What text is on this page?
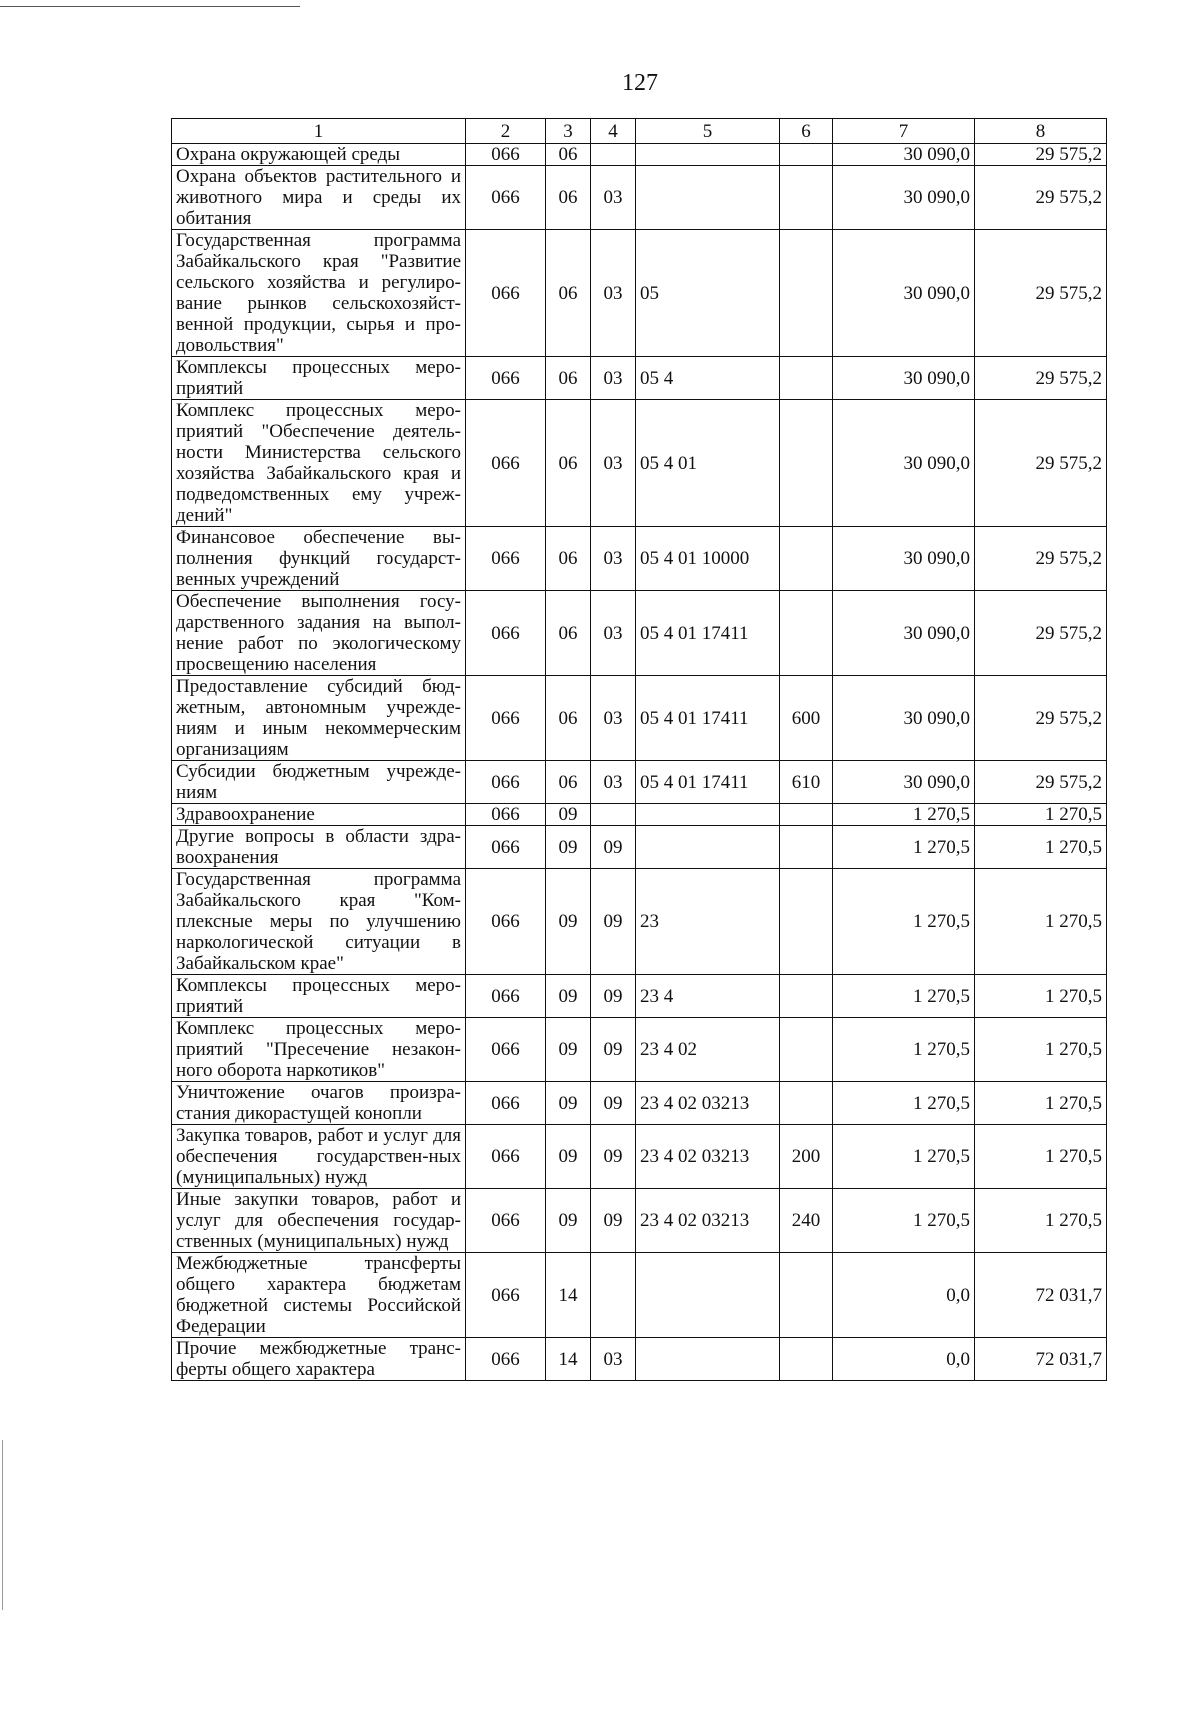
127
1	2	3	4	5	6	7	8
Охрана окружающей среды	066	06				30 090,0	29 575,2
Охрана объектов растительного и животного мира и среды их обитания	066	06	03			30 090,0	29 575,2
Государственная программа Забайкальского края "Развитие сельского хозяйства и регулиро-вание рынков сельскохозяйст-венной продукции, сырья и про-довольствия"	066	06	03	05		30 090,0	29 575,2
Комплексы процессных меро-приятий	066	06	03	05 4		30 090,0	29 575,2
Комплекс процессных меро-приятий "Обеспечение деятель-ности Министерства сельского хозяйства Забайкальского края и подведомственных ему учреж-дений"	066	06	03	05 4 01		30 090,0	29 575,2
Финансовое обеспечение вы-полнения функций государст-венных учреждений	066	06	03	05 4 01 10000		30 090,0	29 575,2
Обеспечение выполнения госу-дарственного задания на выпол-нение работ по экологическому просвещению населения	066	06	03	05 4 01 17411		30 090,0	29 575,2
Предоставление субсидий бюд-жетным, автономным учрежде-ниям и иным некоммерческим организациям	066	06	03	05 4 01 17411	600	30 090,0	29 575,2
Субсидии бюджетным учрежде-ниям	066	06	03	05 4 01 17411	610	30 090,0	29 575,2
Здравоохранение	066	09				1 270,5	1 270,5
Другие вопросы в области здра-воохранения	066	09	09			1 270,5	1 270,5
Государственная программа Забайкальского края "Ком-плексные меры по улучшению наркологической ситуации в Забайкальском крае"	066	09	09	23		1 270,5	1 270,5
Комплексы процессных меро-приятий	066	09	09	23 4		1 270,5	1 270,5
Комплекс процессных меро-приятий "Пресечение незакон-ного оборота наркотиков"	066	09	09	23 4 02		1 270,5	1 270,5
Уничтожение очагов произра-стания дикорастущей конопли	066	09	09	23 4 02 03213		1 270,5	1 270,5
Закупка товаров, работ и услуг для обеспечения государствен-ных (муниципальных) нужд	066	09	09	23 4 02 03213	200	1 270,5	1 270,5
Иные закупки товаров, работ и услуг для обеспечения государ-ственных (муниципальных) нужд	066	09	09	23 4 02 03213	240	1 270,5	1 270,5
Межбюджетные трансферты общего характера бюджетам бюджетной системы Российской Федерации	066	14				0,0	72 031,7
Прочие межбюджетные транс-ферты общего характера	066	14	03			0,0	72 031,7
